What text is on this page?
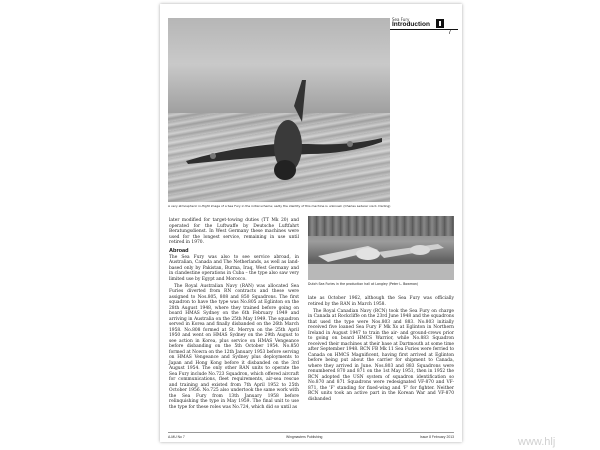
Sea Fury
Introduction
7
A very atmospheric in-flight image of a Sea Fury in the initial scheme; sadly the identity of this machine is unknown (Charles Lederer via K. Darling)
Dutch Sea Furies in the production hall at Langley (Peter L. Bowman)

later modified for target-towing duties (TT Mk 20) and operated for the Luftwaffe by Deutsche Luftfahrt Beratungsdienst. In West Germany these machines were used for the longest service, remaining in use until retired in 1970.

Abroad

The Sea Fury was also to see service abroad, in Australian, Canada and The Netherlands, as well as land-based only by Pakistan, Burma, Iraq, West Germany and in clandestine operations in Cuba – the type also saw very limited use by Egypt and Morocco.

The Royal Australian Navy (RAN) was allocated Sea Furies diverted from RN contracts and these were assigned to Nos.805, 808 and 850 Squadrons. The first squadron to have the type was No.805 at Eglinton on the 28th August 1948, where they trained before going on board HMAS Sydney on the 6th February 1949 and arriving in Australia on the 25th May 1949. The squadron served in Korea and finally disbanded on the 26th March 1958. No.808 formed at St. Merryn on the 25th April 1950 and went on HMAS Sydney on the 29th August to see action in Korea, plus service on HMAS Vengeance before disbanding on the 5th October 1954. No.850 formed at Nowra on the 12th January 1953 before serving on HMAS Vengeance and Sydney plus deployments to Japan and Hong Kong before it disbanded on the 3rd August 1954. The only other RAN units to operate the Sea Fury include No.723 Squadron, which offered aircraft for communications, fleet requirements, air-sea rescue and training and existed from 7th April 1952 to 25th October 1956. No.725 also undertook the same work with the Sea Fury from 13th January 1958 before relinquishing the type in May 1959. The final unit to use the type for these roles was No.724, which did so until as

late as October 1962, although the Sea Fury was officially retired by the RAN in March 1958.

The Royal Canadian Navy (RCN) took the Sea Fury on charge in Canada at Rockcliffe on the 23rd June 1948 and the squadrons that used the type were Nos.803 and 883. No.803 initially received five loaned Sea Fury F Mk Xs at Eglinton in Northern Ireland in August 1947 to train the air- and ground-crews prior to going on board HMCS Warrior, while No.883 Squadron received their machines at their base at Dartmouth at some time after September 1948. RCN FB Mk 11 Sea Furies were ferried to Canada on HMCS Magnificent, having first arrived at Eglinton before being put about the carrier for shipment to Canada, where they arrived in June. Nos.803 and 883 Squadrons were renumbered 870 and 871 on the 1st May 1951, then in 1952 the RCN adopted the USN system of squadron identification so No.870 and 871 Squadrons were redesignated VF-870 and VF-871, the 'F' standing for fixed-wing and 'F' for fighter. Neither RCN units took an active part in the Korean War and VF-870 disbanded

A-MU No 7	Wingmasters Publishing	Issue 8 February 2013	www.hlj
